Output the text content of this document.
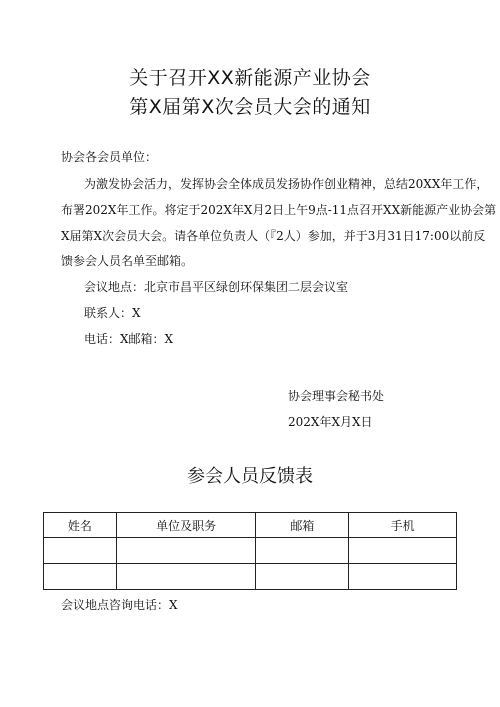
关于召开XX新能源产业协会
第X届第X次会员大会的通知
协会各会员单位：
为激发协会活力，发挥协会全体成员发扬协作创业精神，总结20XX年工作，
布署202X年工作。将定于202X年X月2日上午9点-11点召开XX新能源产业协会第
X届第X次会员大会。请各单位负责人（『2人）参加，并于3月31日17:00以前反
馈参会人员名单至邮箱。
会议地点：北京市昌平区绿创环保集团二层会议室
联系人：X
电话：X邮箱：X
协会理事会秘书处
202X年X月X日
参会人员反馈表
姓名	单位及职务	邮箱	手机

会议地点咨询电话：X
